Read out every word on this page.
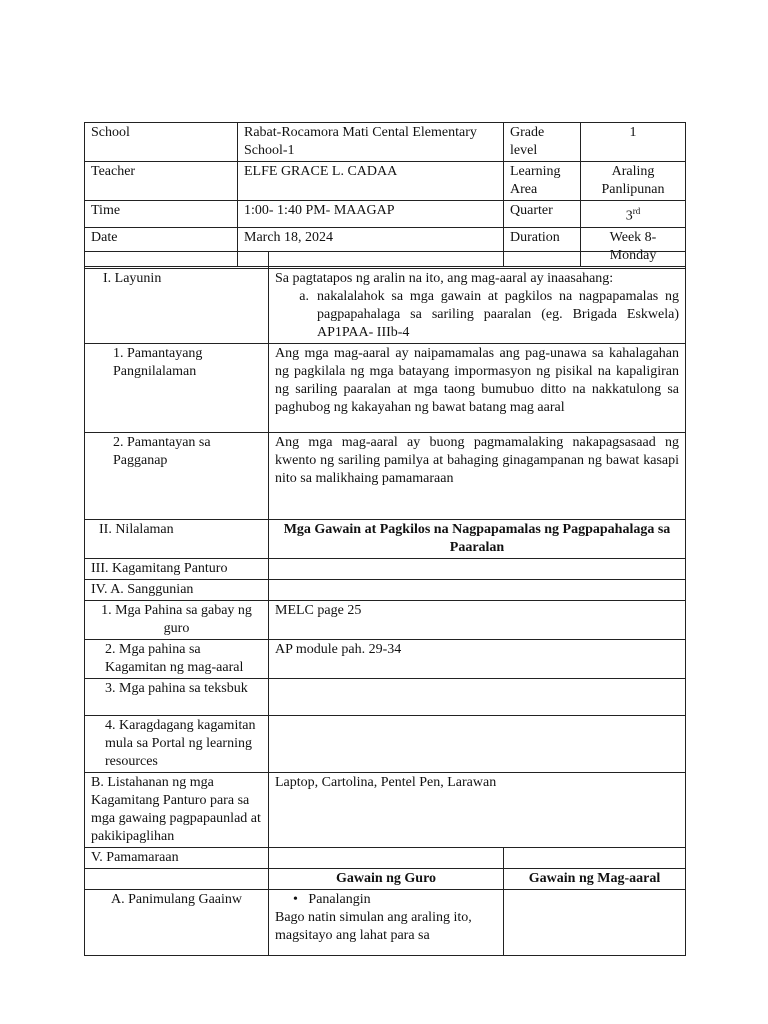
School	Rabat-Rocamora Mati Cental Elementary School-1	Grade level	1
Teacher	ELFE GRACE L. CADAA	Learning Area	Araling Panlipunan
Time	1:00- 1:40 PM- MAAGAP	Quarter	3rd
Date	March 18, 2024	Duration	Week 8- Monday

I. Layunin	Sa pagtatapos ng aralin na ito, ang mag-aaral ay inaasahang:
a. nakalalahok sa mga gawain at pagkilos na nagpapamalas ng pagpapahalaga sa sariling paaralan (eg. Brigada Eskwela) AP1PAA- IIIb-4	

1. Pamantayang Pangnilalaman	Ang mga mag-aaral ay naipamamalas ang pag-unawa sa kahalagahan ng pagkilala ng mga batayang impormasyon ng pisikal na kapaligiran ng sariling paaralan at mga taong bumubuo ditto na nakkatulong sa paghubog ng kakayahan ng bawat batang mag aaral	
2. Pamantayan sa Pagganap	Ang mga mag-aaral ay buong pagmamalaking nakapagsasaad ng kwento ng sariling pamilya at bahaging ginagampanan ng bawat kasapi nito sa malikhaing pamamaraan	
II. Nilalaman	Mga Gawain at Pagkilos na Nagpapamalas ng Pagpapahalaga sa Paaralan	
III. Kagamitang Panturo		
IV. A. Sanggunian		
1. Mga Pahina sa gabay ng guro	MELC page 25	
2. Mga pahina sa Kagamitan ng mag-aaral	AP module pah. 29-34	
3. Mga pahina sa teksbuk		
4. Karagdagang kagamitan mula sa Portal ng learning resources		
B. Listahanan ng mga Kagamitang Panturo para sa mga gawaing pagpapaunlad at pakikipaglihan	Laptop, Cartolina, Pentel Pen, Larawan	
V. Pamamaraan		
	Gawain ng Guro	Gawain ng Mag-aaral
A. Panimulang Gaainw	• Panalangin
Bago natin simulan ang araling ito, magsitayo ang lahat para sa	
